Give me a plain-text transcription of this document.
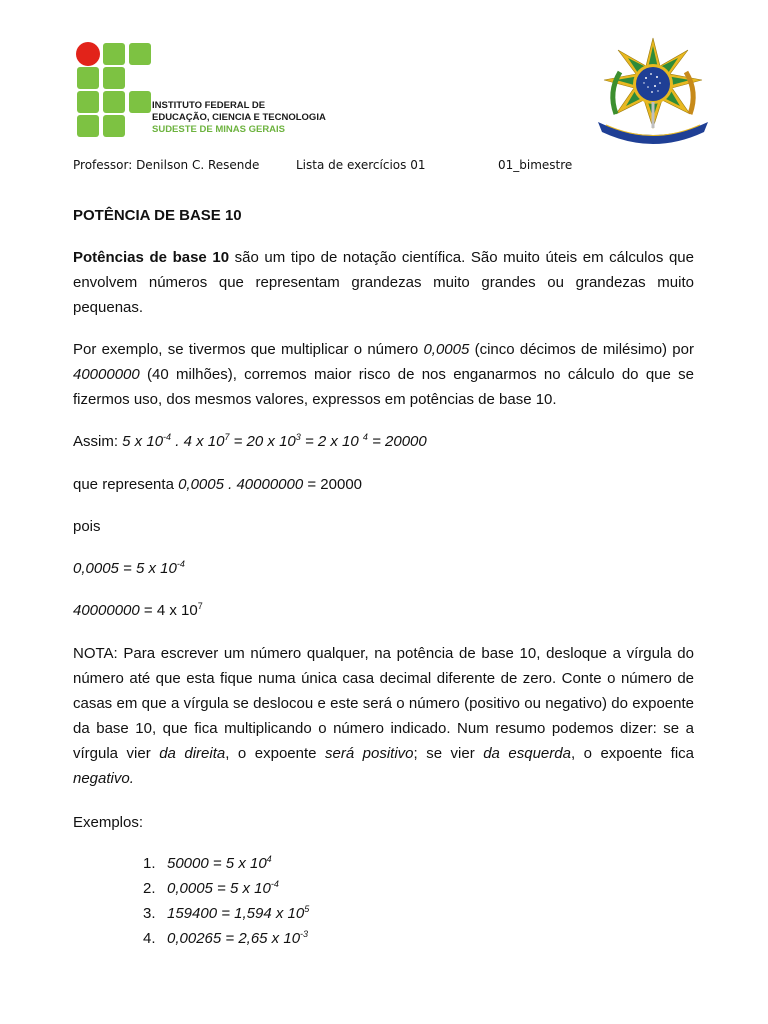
INSTITUTO FEDERAL DE
EDUCAÇÃO, CIENCIA E TECNOLOGIA
SUDESTE DE MINAS GERAIS
Professor: Denilson C. Resende	Lista de exercícios 01	01_bimestre
POTÊNCIA DE BASE 10
Potências de base 10 são um tipo de notação científica. São muito úteis em cálculos que envolvem números que representam grandezas muito grandes ou grandezas muito pequenas.
Por exemplo, se tivermos que multiplicar o número 0,0005 (cinco décimos de milésimo) por 40000000 (40 milhões), corremos maior risco de nos enganarmos no cálculo do que se fizermos uso, dos mesmos valores, expressos em potências de base 10.
Assim: 5 x $10^{-4}$ . 4 x $10^7 = 20$ x $10^3 = 2$ x 10 $^4$ = 20000
que representa 0,0005 . 40000000 = 20000
pois
0,0005 = 5 x $10^{-4}$
40000000 = 4 x $10^7$
NOTA: Para escrever um número qualquer, na potência de base 10, desloque a vírgula do número até que esta fique numa única casa decimal diferente de zero. Conte o número de casas em que a vírgula se deslocou e este será o número (positivo ou negativo) do expoente da base 10, que fica multiplicando o número indicado. Num resumo podemos dizer: se a vírgula vier da direita, o expoente será positivo; se vier da esquerda, o expoente fica negativo.
Exemplos:
1. 50000 = 5 x $10^4$
2. 0,0005 = 5 x $10^{-4}$
3. 159400 = 1,594 x $10^5$
4. 0,00265 = 2,65 x $10^{-3}$
